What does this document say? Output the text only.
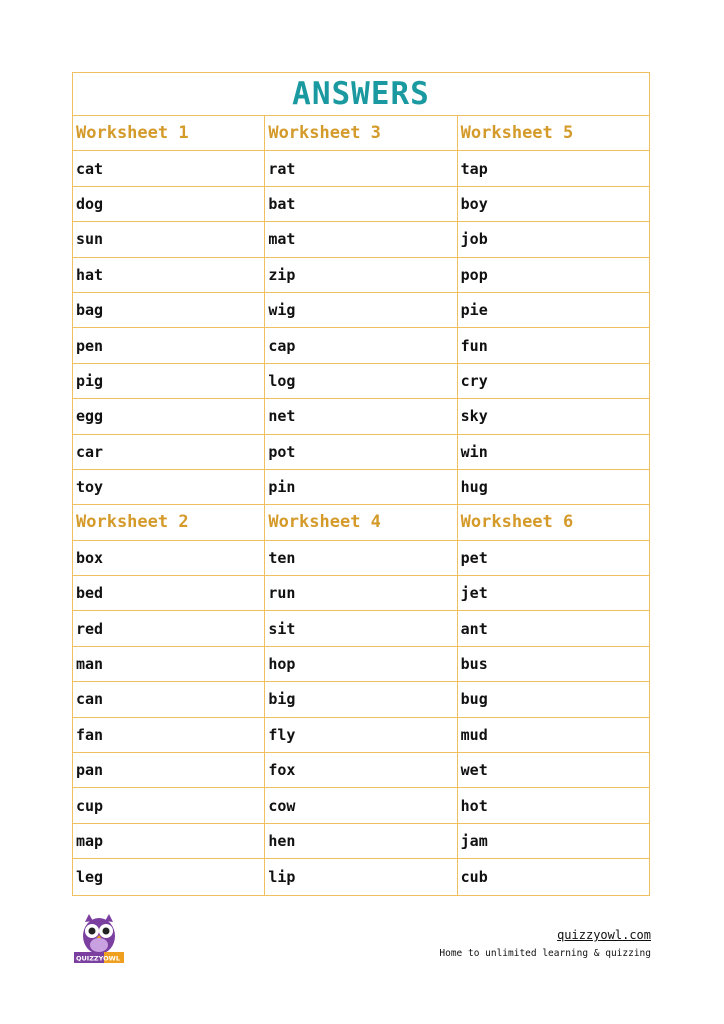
ANSWERS
Worksheet 1	Worksheet 3	Worksheet 5
cat	rat	tap
dog	bat	boy
sun	mat	job
hat	zip	pop
bag	wig	pie
pen	cap	fun
pig	log	cry
egg	net	sky
car	pot	win
toy	pin	hug
Worksheet 2	Worksheet 4	Worksheet 6
box	ten	pet
bed	run	jet
red	sit	ant
man	hop	bus
can	big	bug
fan	fly	mud
pan	fox	wet
cup	cow	hot
map	hen	jam
leg	lip	cub
QUIZZYOWL
quizzyowl.com
Home to unlimited learning & quizzing
